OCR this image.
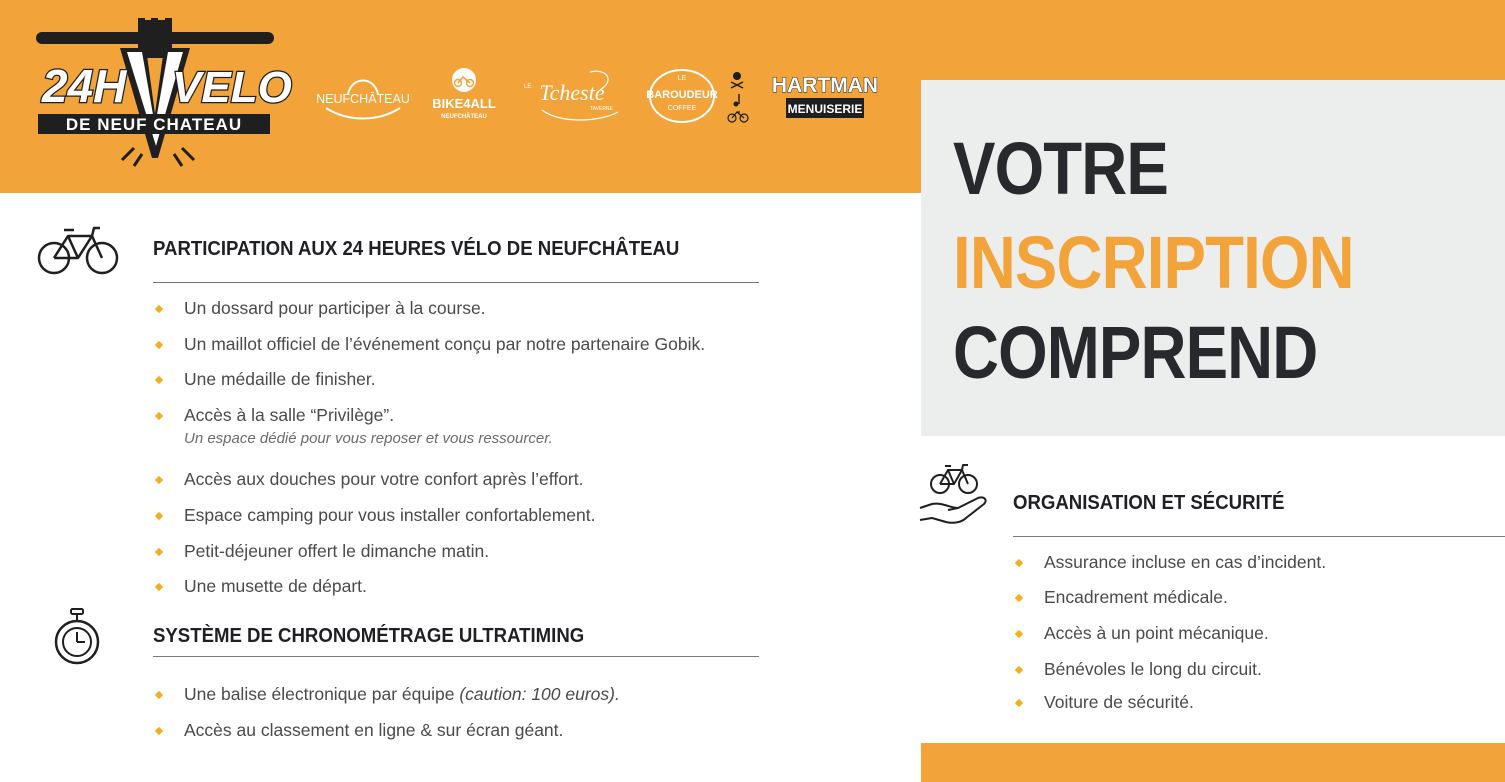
24H VELO
DE NEUF CHATEAU
NEUFCHÂTEAU BIKE4ALL
NEUFCHÂTEAU
LE Tcheste
TAVERNE
LE
BAROUDEUR
COFFEE
HARTMAN
MENUISERIE
VOTRE
INSCRIPTION
COMPREND
PARTICIPATION AUX 24 HEURES VÉLO DE NEUFCHÂTEAU
Un dossard pour participer à la course.
Un maillot officiel de l’événement conçu par notre partenaire Gobik.
Une médaille de finisher.
Accès à la salle “Privilège”.
Un espace dédié pour vous reposer et vous ressourcer.
Accès aux douches pour votre confort après l’effort.
Espace camping pour vous installer confortablement.
Petit-déjeuner offert le dimanche matin.
Une musette de départ.
SYSTÈME DE CHRONOMÉTRAGE ULTRATIMING
Une balise électronique par équipe (caution: 100 euros).
Accès au classement en ligne & sur écran géant.
ORGANISATION ET SÉCURITÉ
Assurance incluse en cas d’incident.
Encadrement médicale.
Accès à un point mécanique.
Bénévoles le long du circuit.
Voiture de sécurité.
